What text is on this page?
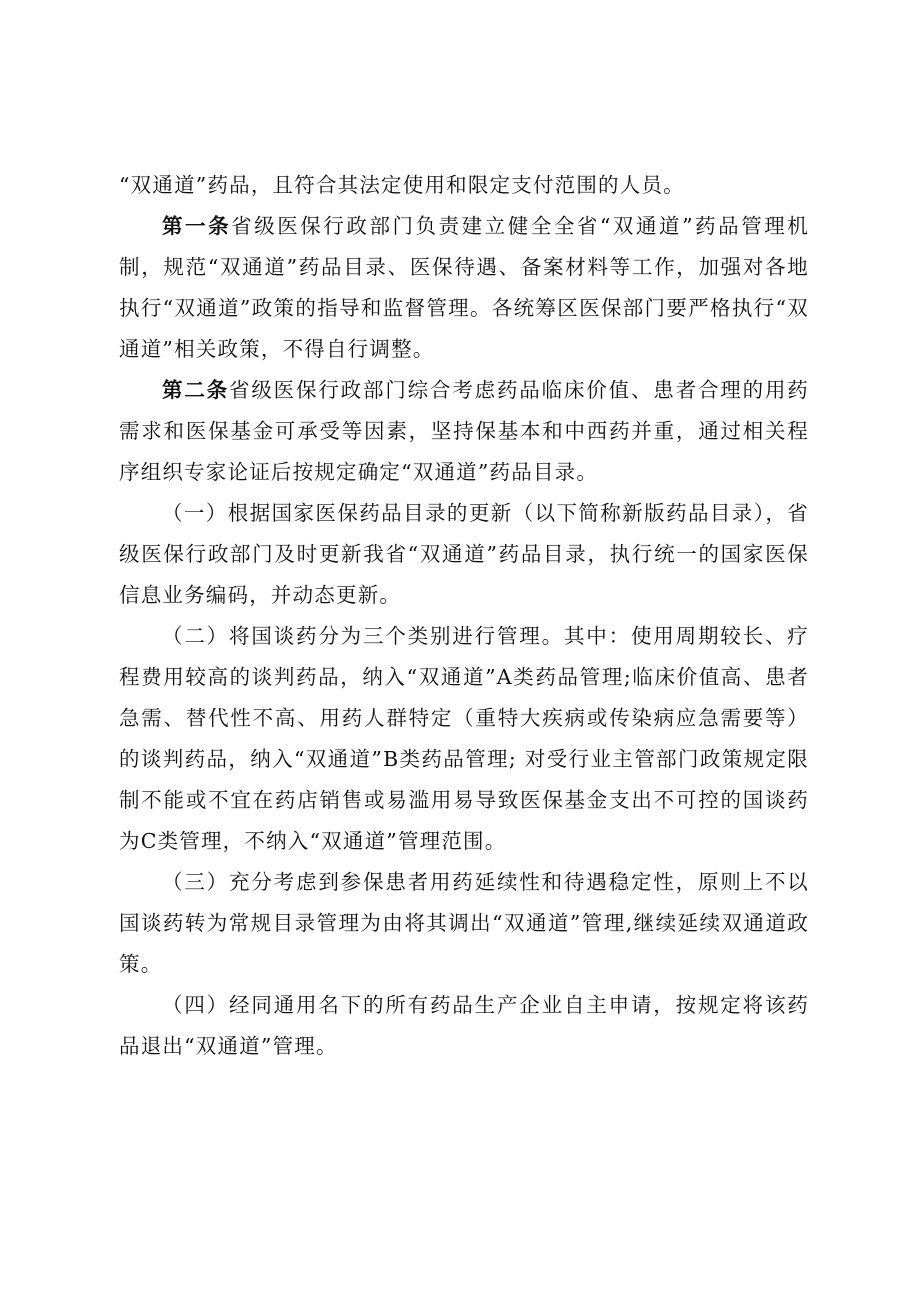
“双通道”药品，且符合其法定使用和限定支付范围的人员。

第一条省级医保行政部门负责建立健全全省“双通道”药品管理机制，规范“双通道”药品目录、医保待遇、备案材料等工作，加强对各地执行“双通道”政策的指导和监督管理。各统筹区医保部门要严格执行“双通道”相关政策，不得自行调整。

第二条省级医保行政部门综合考虑药品临床价值、患者合理的用药需求和医保基金可承受等因素，坚持保基本和中西药并重，通过相关程序组织专家论证后按规定确定“双通道”药品目录。

（一）根据国家医保药品目录的更新（以下简称新版药品目录），省级医保行政部门及时更新我省“双通道”药品目录，执行统一的国家医保信息业务编码，并动态更新。

（二）将国谈药分为三个类别进行管理。其中：使用周期较长、疗程费用较高的谈判药品，纳入“双通道”A类药品管理;临床价值高、患者急需、替代性不高、用药人群特定（重特大疾病或传染病应急需要等）的谈判药品，纳入“双通道”B类药品管理; 对受行业主管部门政策规定限制不能或不宜在药店销售或易滥用易导致医保基金支出不可控的国谈药为C类管理，不纳入“双通道”管理范围。

（三）充分考虑到参保患者用药延续性和待遇稳定性，原则上不以国谈药转为常规目录管理为由将其调出“双通道”管理,继续延续双通道政策。

（四）经同通用名下的所有药品生产企业自主申请，按规定将该药品退出“双通道”管理。
